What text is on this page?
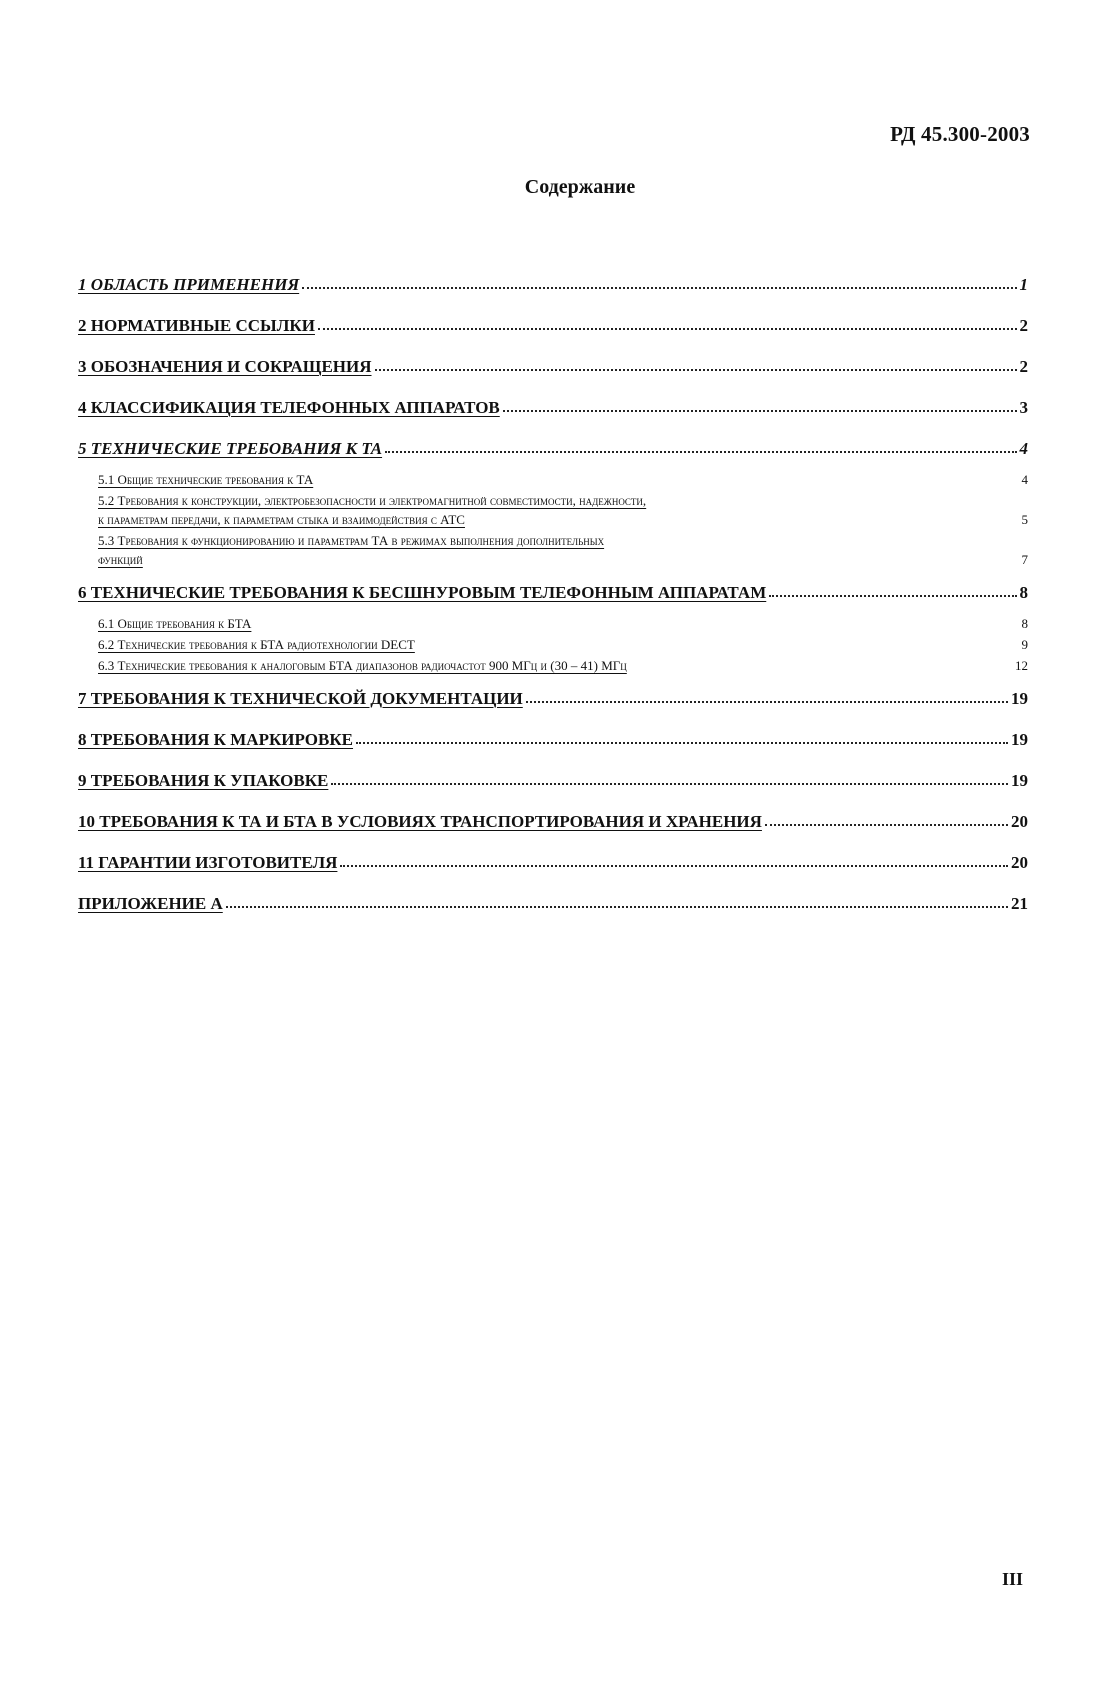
РД 45.300-2003
Содержание
1 ОБЛАСТЬ ПРИМЕНЕНИЯ	1
2 НОРМАТИВНЫЕ ССЫЛКИ	2
3 ОБОЗНАЧЕНИЯ И СОКРАЩЕНИЯ	2
4 КЛАССИФИКАЦИЯ ТЕЛЕФОННЫХ АППАРАТОВ	3
5 ТЕХНИЧЕСКИЕ ТРЕБОВАНИЯ К ТА	4
5.1 Общие технические требования к ТА	4
5.2 Требования к конструкции, электробезопасности и электромагнитной совместимости, надежности,
к параметрам передачи, к параметрам стыка и взаимодействия с АТС	5
5.3 Требования к функционированию и параметрам ТА в режимах выполнения дополнительных
функций	7
6 ТЕХНИЧЕСКИЕ ТРЕБОВАНИЯ К БЕСШНУРОВЫМ ТЕЛЕФОННЫМ АППАРАТАМ	8
6.1 Общие требования к БТА	8
6.2 Технические требования к БТА радиотехнологии DECT	9
6.3 Технические требования к аналоговым БТА диапазонов радиочастот 900 МГц и (30 – 41) МГц	12
7 ТРЕБОВАНИЯ К ТЕХНИЧЕСКОЙ ДОКУМЕНТАЦИИ	19
8 ТРЕБОВАНИЯ К МАРКИРОВКЕ	19
9 ТРЕБОВАНИЯ К УПАКОВКЕ	19
10 ТРЕБОВАНИЯ К ТА И БТА В УСЛОВИЯХ ТРАНСПОРТИРОВАНИЯ И ХРАНЕНИЯ	20
11 ГАРАНТИИ ИЗГОТОВИТЕЛЯ	20
ПРИЛОЖЕНИЕ А	21
III
